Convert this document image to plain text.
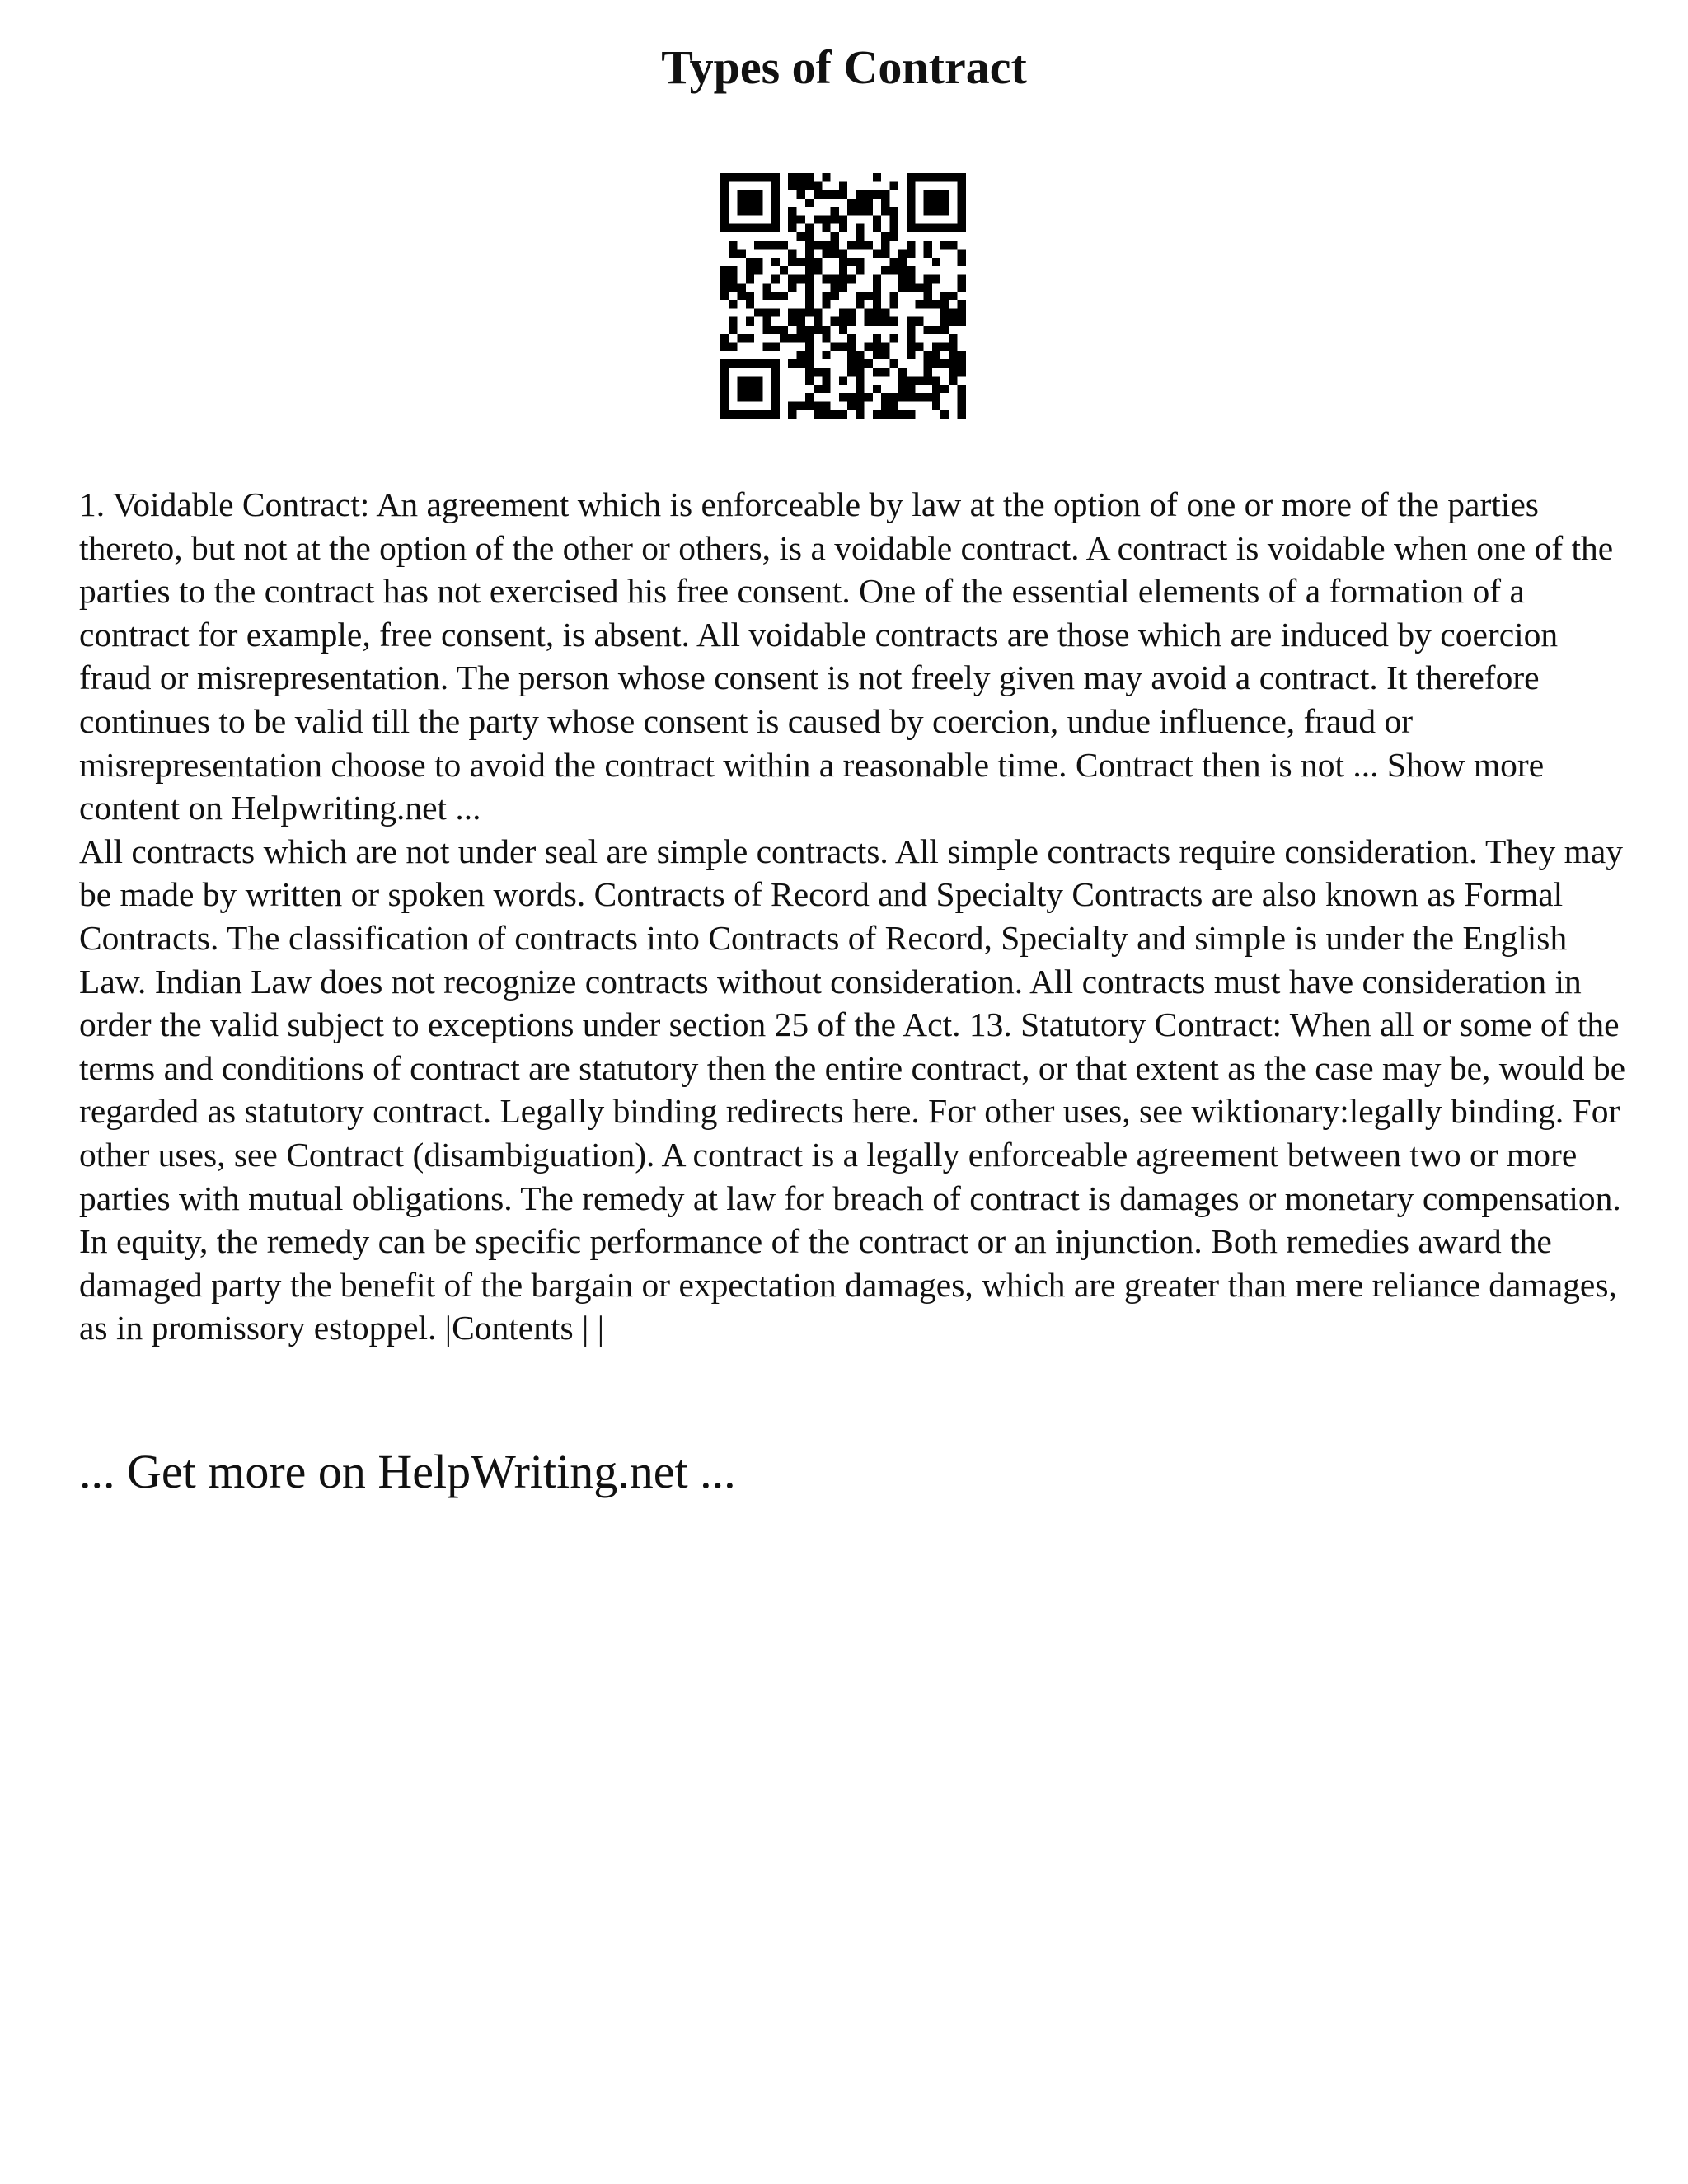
Types of Contract

1. Voidable Contract: An agreement which is enforceable by law at the option of one or more of the parties thereto, but not at the option of the other or others, is a voidable contract. A contract is voidable when one of the parties to the contract has not exercised his free consent. One of the essential elements of a formation of a contract for example, free consent, is absent. All voidable contracts are those which are induced by coercion fraud or misrepresentation. The person whose consent is not freely given may avoid a contract. It therefore continues to be valid till the party whose consent is caused by coercion, undue influence, fraud or misrepresentation choose to avoid the contract within a reasonable time. Contract then is not ... Show more content on Helpwriting.net ...

All contracts which are not under seal are simple contracts. All simple contracts require consideration. They may be made by written or spoken words. Contracts of Record and Specialty Contracts are also known as Formal Contracts. The classification of contracts into Contracts of Record, Specialty and simple is under the English Law. Indian Law does not recognize contracts without consideration. All contracts must have consideration in order the valid subject to exceptions under section 25 of the Act. 13. Statutory Contract: When all or some of the terms and conditions of contract are statutory then the entire contract, or that extent as the case may be, would be regarded as statutory contract. Legally binding redirects here. For other uses, see wiktionary:legally binding. For other uses, see Contract (disambiguation). A contract is a legally enforceable agreement between two or more parties with mutual obligations. The remedy at law for breach of contract is damages or monetary compensation. In equity, the remedy can be specific performance of the contract or an injunction. Both remedies award the damaged party the benefit of the bargain or expectation damages, which are greater than mere reliance damages, as in promissory estoppel. |Contents | |

... Get more on HelpWriting.net ...
